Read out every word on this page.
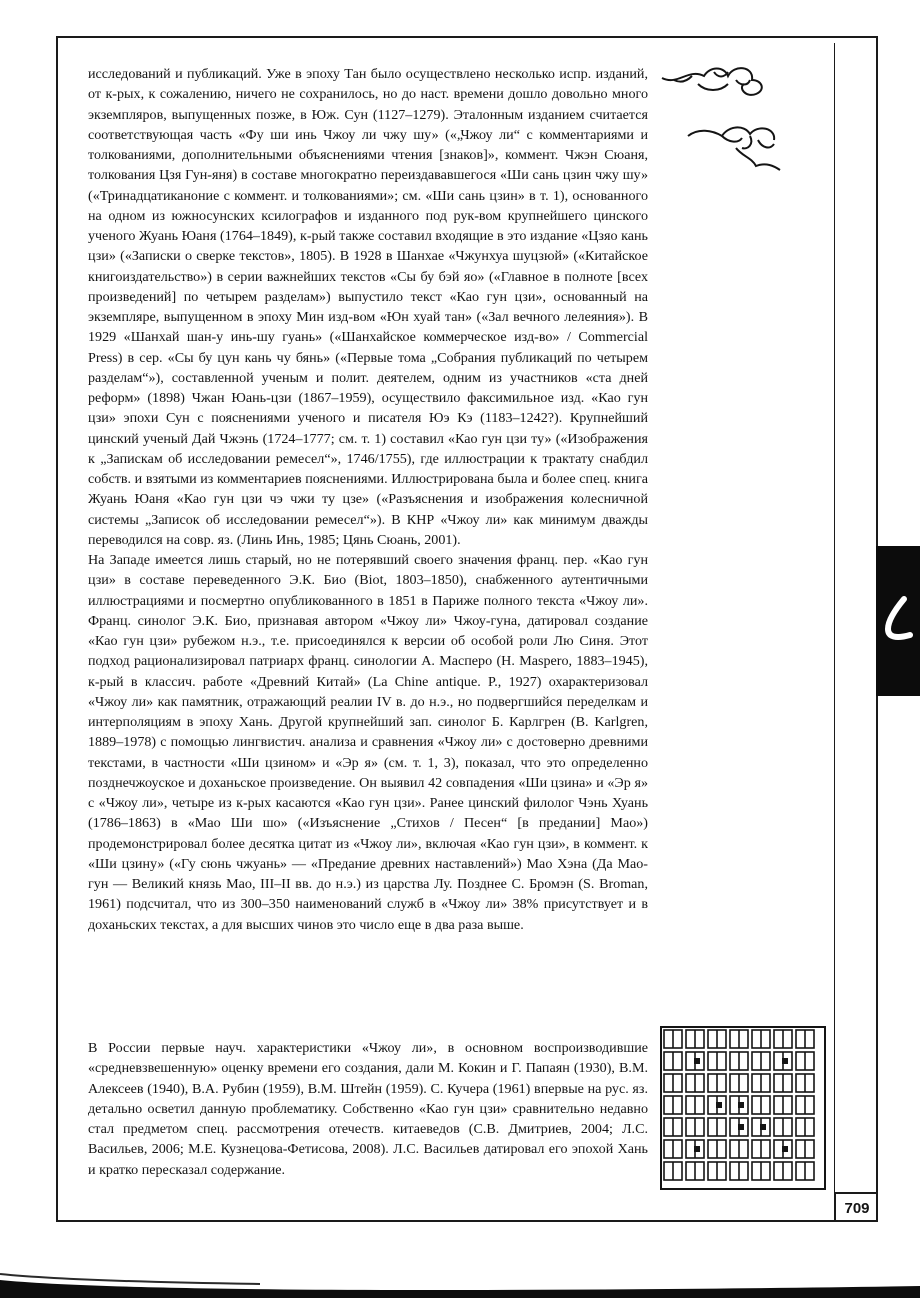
исследований и публикаций. Уже в эпоху Тан было осуществлено несколько испр. изданий, от к-рых, к сожалению, ничего не сохранилось, но до наст. времени дошло довольно много экземпляров, выпущенных позже, в Юж. Сун (1127–1279). Эталонным изданием считается соответствующая часть «Фу ши инь Чжоу ли чжу шу» («„Чжоу ли“ с комментариями и толкованиями, дополнительными объяснениями чтения [знаков]», коммент. Чжэн Сюаня, толкования Цзя Гун-яня) в составе многократно переиздававшегося «Ши сань цзин чжу шу» («Тринадцатиканоние с коммент. и толкованиями»; см. «Ши сань цзин» в т. 1), основанного на одном из южносунских ксилографов и изданного под рук-вом крупнейшего цинского ученого Жуань Юаня (1764–1849), к-рый также составил входящие в это издание «Цзяо кань цзи» («Записки о сверке текстов», 1805). В 1928 в Шанхае «Чжунхуа шуцзюй» («Китайское книгоиздательство») в серии важнейших текстов «Сы бу бэй яо» («Главное в полноте [всех произведений] по четырем разделам») выпустило текст «Као гун цзи», основанный на экземпляре, выпущенном в эпоху Мин изд-вом «Юн хуай тан» («Зал вечного лелеяния»). В 1929 «Шанхай шан-у инь-шу гуань» («Шанхайское коммерческое изд-во» / Commercial Press) в сер. «Сы бу цун кань чу бянь» («Первые тома „Собрания публикаций по четырем разделам“»), составленной ученым и полит. деятелем, одним из участников «ста дней реформ» (1898) Чжан Юань-цзи (1867–1959), осуществило факсимильное изд. «Као гун цзи» эпохи Сун с пояснениями ученого и писателя Юэ Кэ (1183–1242?). Крупнейший цинский ученый Дай Чжэнь (1724–1777; см. т. 1) составил «Као гун цзи ту» («Изображения к „Запискам об исследовании ремесел“», 1746/1755), где иллюстрации к трактату снабдил собств. и взятыми из комментариев пояснениями. Иллюстрирована была и более спец. книга Жуань Юаня «Као гун цзи чэ чжи ту цзе» («Разъяснения и изображения колесничной системы „Записок об исследовании ремесел“»). В КНР «Чжоу ли» как минимум дважды переводился на совр. яз. (Линь Инь, 1985; Цянь Сюань, 2001).

На Западе имеется лишь старый, но не потерявший своего значения франц. пер. «Као гун цзи» в составе переведенного Э.К. Био (Biot, 1803–1850), снабженного аутентичными иллюстрациями и посмертно опубликованного в 1851 в Париже полного текста «Чжоу ли». Франц. синолог Э.К. Био, признавая автором «Чжоу ли» Чжоу-гуна, датировал создание «Као гун цзи» рубежом н.э., т.е. присоединялся к версии об особой роли Лю Синя. Этот подход рационализировал патриарх франц. синологии А. Масперо (H. Maspero, 1883–1945), к-рый в классич. работе «Древний Китай» (La Chine antique. P., 1927) охарактеризовал «Чжоу ли» как памятник, отражающий реалии IV в. до н.э., но подвергшийся переделкам и интерполяциям в эпоху Хань. Другой крупнейший зап. синолог Б. Карлгрен (B. Karlgren, 1889–1978) с помощью лингвистич. анализа и сравнения «Чжоу ли» с достоверно древними текстами, в частности «Ши цзином» и «Эр я» (см. т. 1, 3), показал, что это определенно позднечжоуское и доханьское произведение. Он выявил 42 совпадения «Ши цзина» и «Эр я» с «Чжоу ли», четыре из к-рых касаются «Као гун цзи». Ранее цинский филолог Чэнь Хуань (1786–1863) в «Мао Ши шо» («Изъяснение „Стихов / Песен“ [в предании] Мао») продемонстрировал более десятка цитат из «Чжоу ли», включая «Као гун цзи», в коммент. к «Ши цзину» («Гу сюнь чжуань» — «Предание древних наставлений») Мао Хэна (Да Мао-гун — Великий князь Мао, III–II вв. до н.э.) из царства Лу. Позднее С. Бромэн (S. Broman, 1961) подсчитал, что из 300–350 наименований служб в «Чжоу ли» 38% присутствует и в доханьских текстах, а для высших чинов это число еще в два раза выше.

В России первые науч. характеристики «Чжоу ли», в основном воспроизводившие «средневзвешенную» оценку времени его создания, дали М. Кокин и Г. Папаян (1930), В.М. Алексеев (1940), В.А. Рубин (1959), В.М. Штейн (1959). С. Кучера (1961) впервые на рус. яз. детально осветил данную проблематику. Собственно «Као гун цзи» сравнительно недавно стал предметом спец. рассмотрения отечеств. китаеведов (С.В. Дмитриев, 2004; Л.С. Васильев, 2006; М.Е. Кузнецова-Фетисова, 2008). Л.С. Васильев датировал его эпохой Хань и кратко пересказал содержание.

709
